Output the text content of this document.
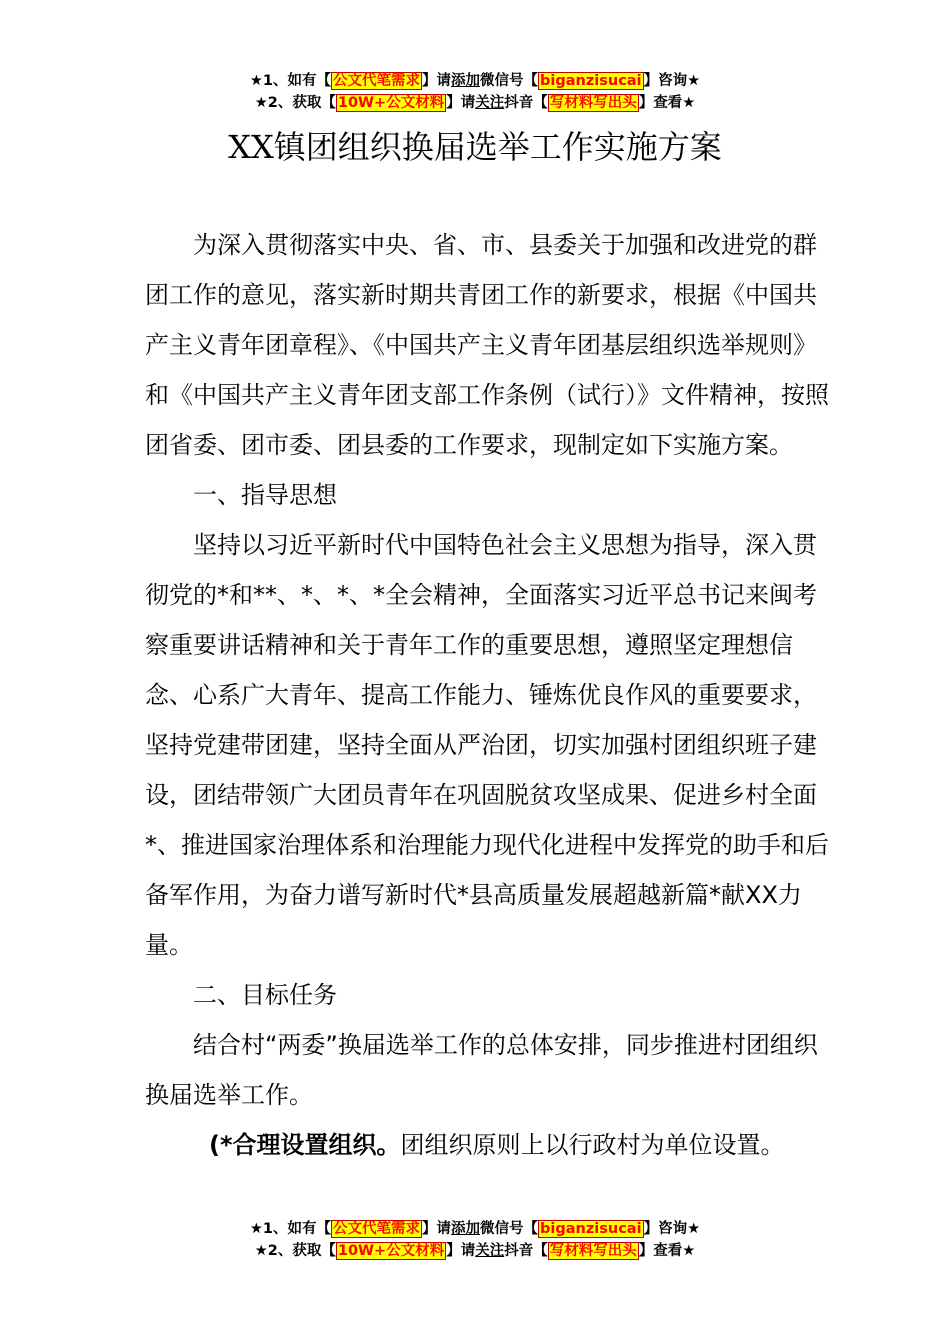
★1、如有【 公文代笔需求 】请添加微信号【 biganzisucai 】咨询★
★2、获取【 10W+公文材料 】请关注抖音【 写材料写出头 】查看★
XX镇团组织换届选举工作实施方案

为深入贯彻落实中央、省、市、县委关于加强和改进党的群团工作的意见，落实新时期共青团工作的新要求，根据《中国共产主义青年团章程》、《中国共产主义青年团基层组织选举规则》和《中国共产主义青年团支部工作条例（试行）》文件精神，按照团省委、团市委、团县委的工作要求，现制定如下实施方案。

一、指导思想

坚持以习近平新时代中国特色社会主义思想为指导，深入贯彻党的*和**、*、*、*全会精神，全面落实习近平总书记来闽考察重要讲话精神和关于青年工作的重要思想，遵照坚定理想信念、心系广大青年、提高工作能力、锤炼优良作风的重要要求，坚持党建带团建，坚持全面从严治团，切实加强村团组织班子建设，团结带领广大团员青年在巩固脱贫攻坚成果、促进乡村全面*、推进国家治理体系和治理能力现代化进程中发挥党的助手和后备军作用，为奋力谱写新时代*县高质量发展超越新篇*献XX力量。

二、目标任务

结合村“两委”换届选举工作的总体安排，同步推进村团组织换届选举工作。

(*合理设置组织。团组织原则上以行政村为单位设置。

★1、如有【 公文代笔需求 】请添加微信号【 biganzisucai 】咨询★
★2、获取【 10W+公文材料 】请关注抖音【 写材料写出头 】查看★
